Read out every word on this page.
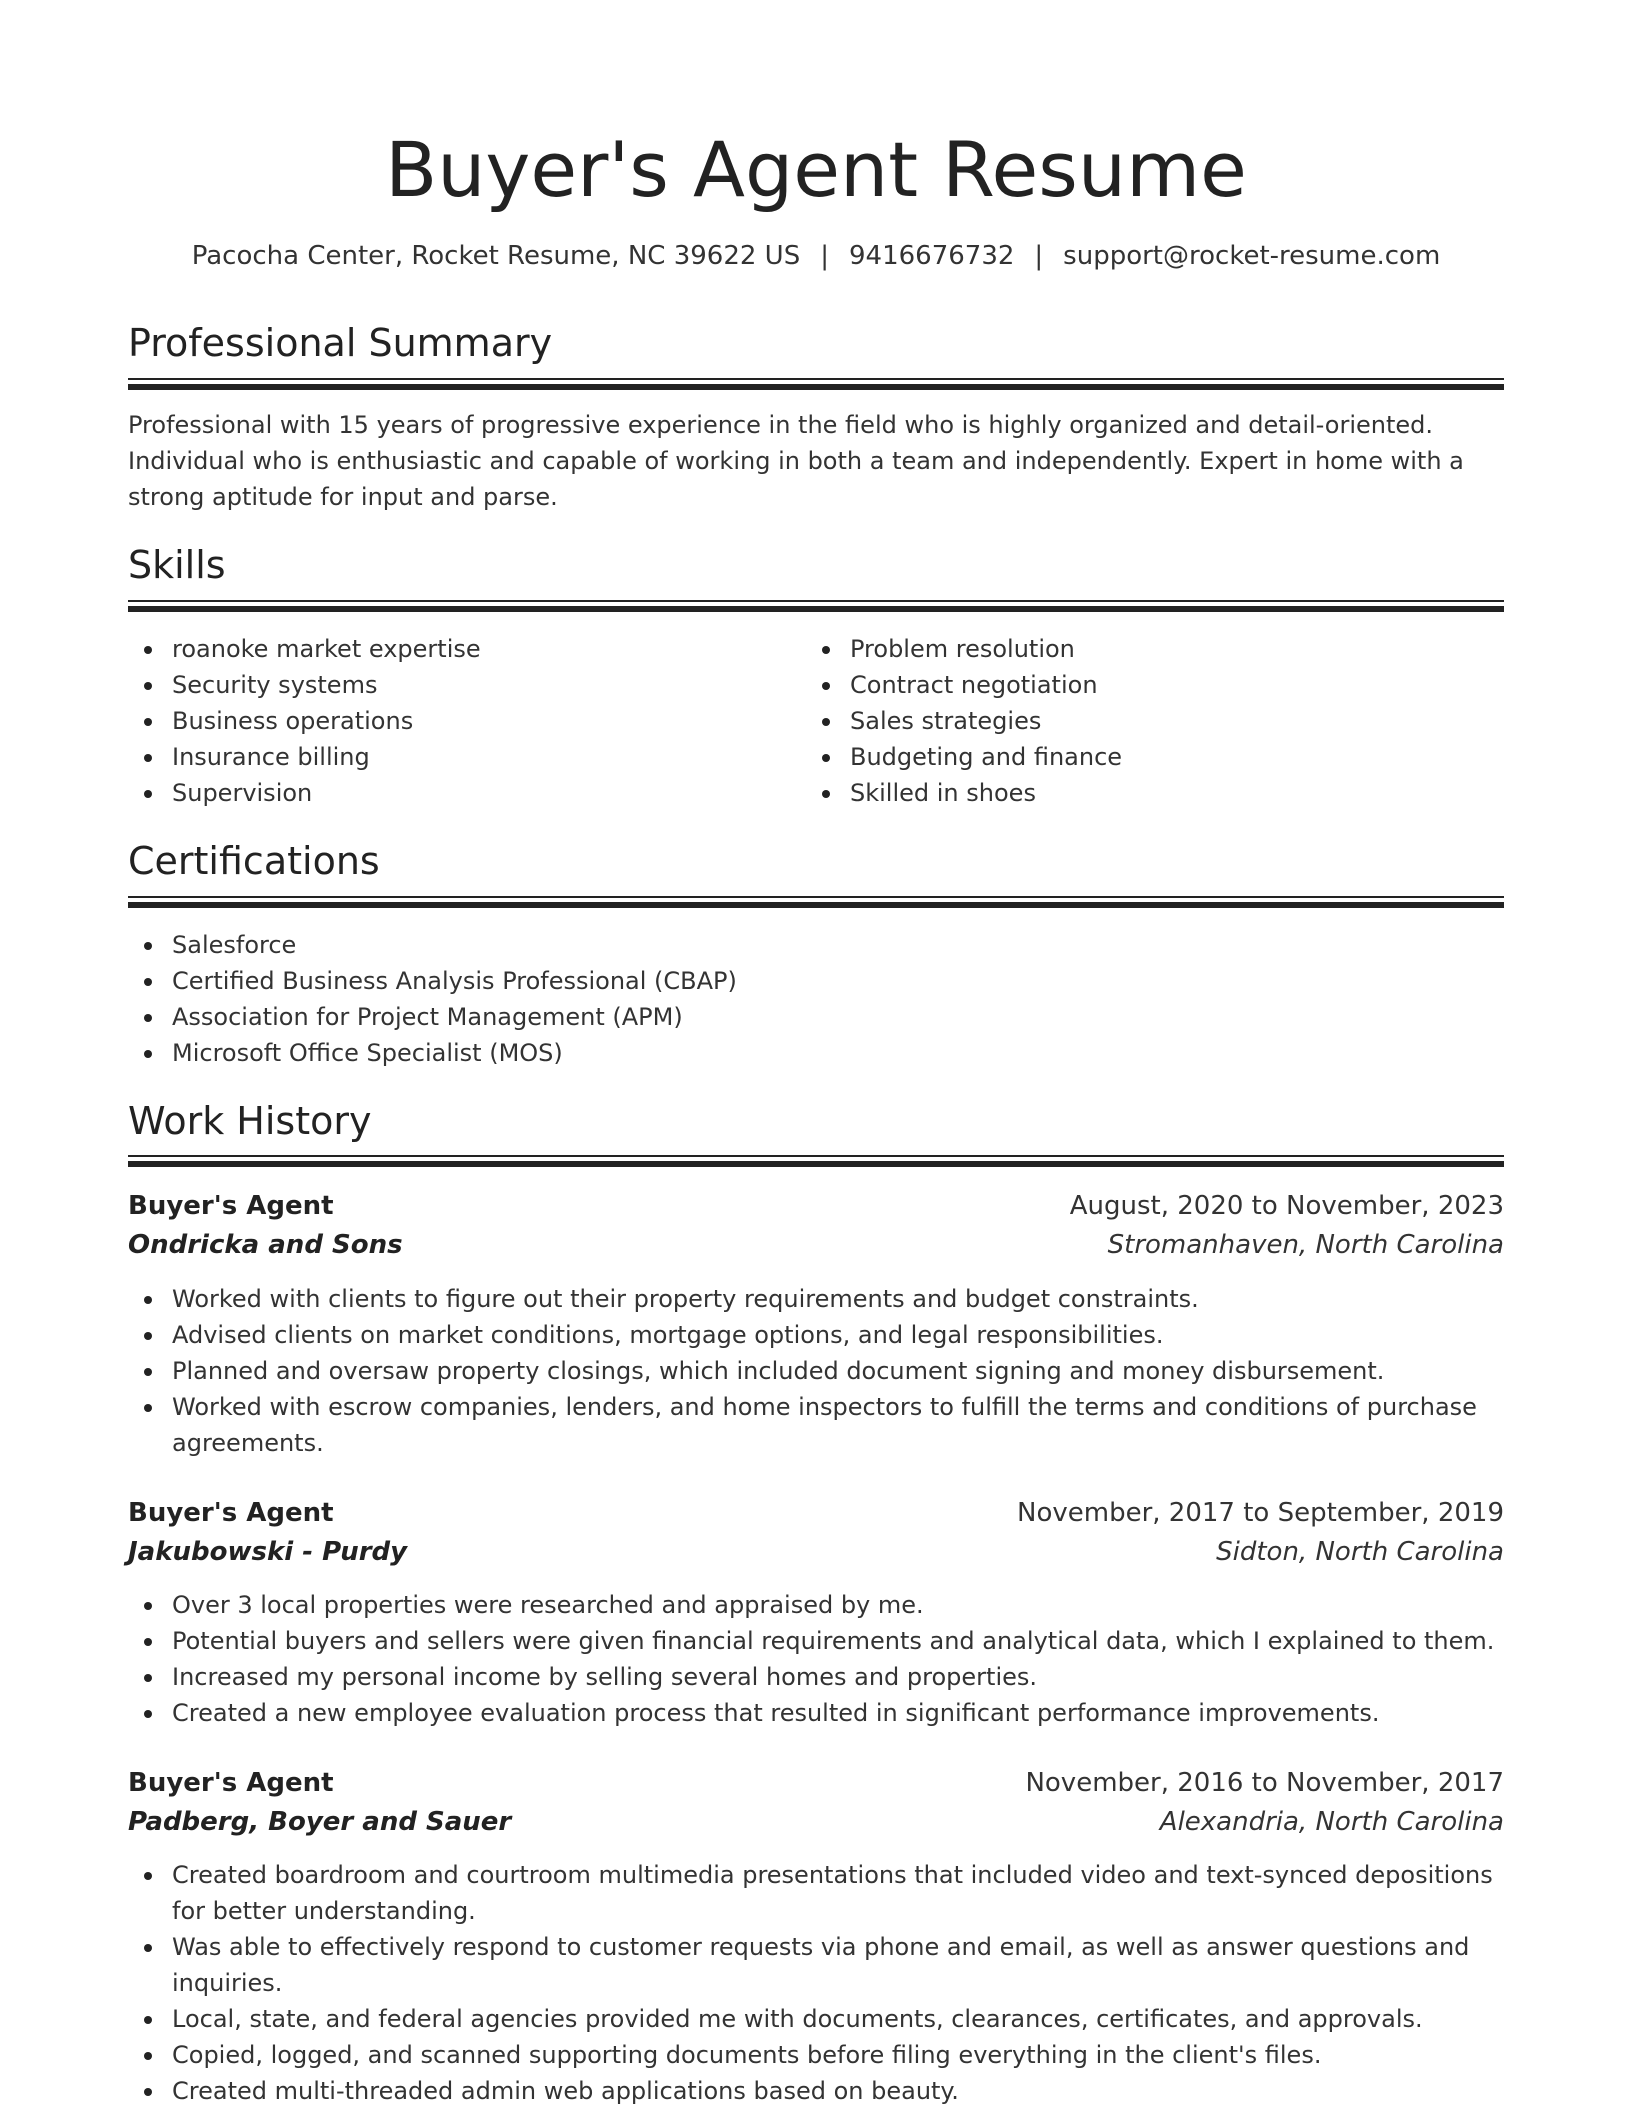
Buyer's Agent Resume
Pacocha Center, Rocket Resume, NC 39622 US | 9416676732 | support@rocket-resume.com
Professional Summary

Professional with 15 years of progressive experience in the field who is highly organized and detail-oriented. Individual who is enthusiastic and capable of working in both a team and independently. Expert in home with a strong aptitude for input and parse.

Skills
roanoke market expertise
Security systems
Business operations
Insurance billing
Supervision
Problem resolution
Contract negotiation
Sales strategies
Budgeting and finance
Skilled in shoes
Certifications
Salesforce
Certified Business Analysis Professional (CBAP)
Association for Project Management (APM)
Microsoft Office Specialist (MOS)
Work History
Buyer's Agent	August, 2020 to November, 2023
Ondricka and Sons	Stromanhaven, North Carolina
Worked with clients to figure out their property requirements and budget constraints.
Advised clients on market conditions, mortgage options, and legal responsibilities.
Planned and oversaw property closings, which included document signing and money disbursement.
Worked with escrow companies, lenders, and home inspectors to fulfill the terms and conditions of purchase agreements.
Buyer's Agent	November, 2017 to September, 2019
Jakubowski - Purdy	Sidton, North Carolina
Over 3 local properties were researched and appraised by me.
Potential buyers and sellers were given financial requirements and analytical data, which I explained to them.
Increased my personal income by selling several homes and properties.
Created a new employee evaluation process that resulted in significant performance improvements.
Buyer's Agent	November, 2016 to November, 2017
Padberg, Boyer and Sauer	Alexandria, North Carolina
Created boardroom and courtroom multimedia presentations that included video and text-synced depositions for better understanding.
Was able to effectively respond to customer requests via phone and email, as well as answer questions and inquiries.
Local, state, and federal agencies provided me with documents, clearances, certificates, and approvals.
Copied, logged, and scanned supporting documents before filing everything in the client's files.
Created multi-threaded admin web applications based on beauty.
